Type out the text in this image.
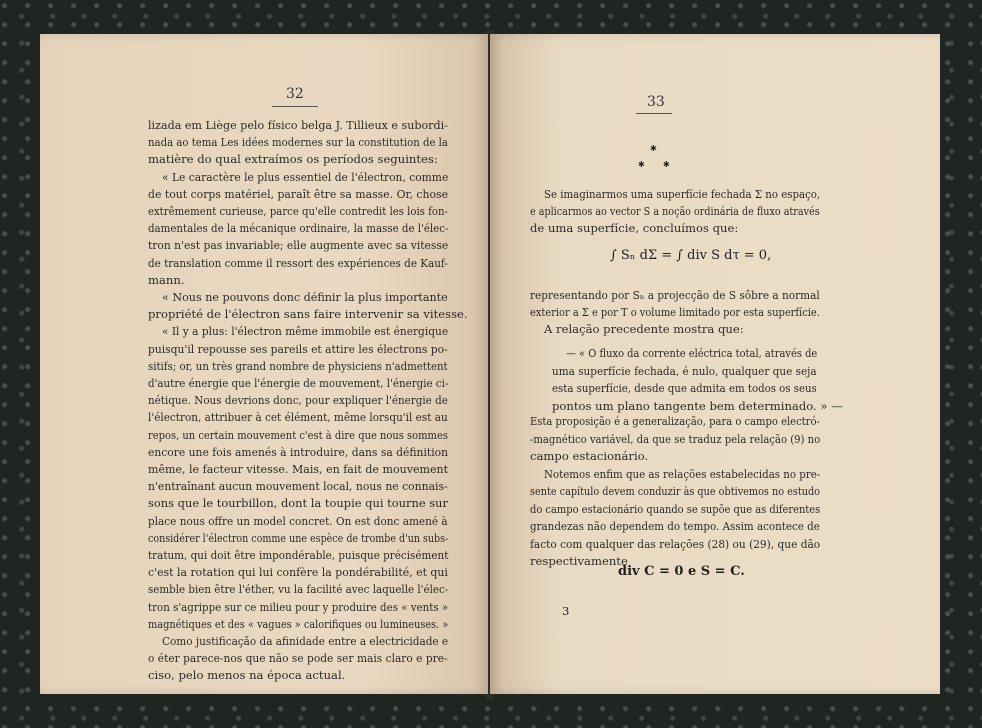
32
lizada em Liège pelo físico belga J. Tillieux e subordi-
nada ao tema Les idées modernes sur la constitution de la
matière do qual extraímos os períodos seguintes:
« Le caractère le plus essentiel de l'électron, comme
de tout corps matériel, paraît être sa masse. Or, chose
extrêmement curieuse, parce qu'elle contredit les lois fon-
damentales de la mécanique ordinaire, la masse de l'élec-
tron n'est pas invariable; elle augmente avec sa vitesse
de translation comme il ressort des expériences de Kauf-
mann.
« Nous ne pouvons donc définir la plus importante
propriété de l'électron sans faire intervenir sa vitesse.
« Il y a plus: l'électron même immobile est énergique
puisqu'il repousse ses pareils et attire les électrons po-
sitifs; or, un très grand nombre de physiciens n'admettent
d'autre énergie que l'énergie de mouvement, l'énergie ci-
nétique. Nous devrions donc, pour expliquer l'énergie de
l'électron, attribuer à cet élément, même lorsqu'il est au
repos, un certain mouvement c'est à dire que nous sommes
encore une fois amenés à introduire, dans sa définition
même, le facteur vitesse. Mais, en fait de mouvement
n'entraînant aucun mouvement local, nous ne connais-
sons que le tourbillon, dont la toupie qui tourne sur
place nous offre un model concret. On est donc amené à
considérer l'électron comme une espèce de trombe d'un subs-
tratum, qui doit être impondérable, puisque précisément
c'est la rotation qui lui confère la pondérabilité, et qui
semble bien être l'éther, vu la facilité avec laquelle l'élec-
tron s'agrippe sur ce milieu pour y produire des « vents »
magnétiques et des « vagues » calorifiques ou lumineuses. »
Como justificação da afinidade entre a electricidade e
o éter parece-nos que não se pode ser mais claro e pre-
ciso, pelo menos na época actual.
33
✱
✱ ✱
Se imaginarmos uma superfície fechada Σ no espaço,
e aplicarmos ao vector S a noção ordinária de fluxo através
de uma superfície, concluímos que:
∫ Sₙ dΣ = ∫ div S dτ = 0,
representando por Sₙ a projecção de S sôbre a normal
exterior a Σ e por T o volume limitado por esta superfície.
A relação precedente mostra que:
— « O fluxo da corrente eléctrica total, através de
uma superfície fechada, é nulo, qualquer que seja
esta superfície, desde que admita em todos os seus
pontos um plano tangente bem determinado. » —
Esta proposição é a generalização, para o campo electró-
-magnético variável, da que se traduz pela relação (9) no
campo estacionário.
Notemos enfim que as relações estabelecidas no pre-
sente capítulo devem conduzir às que obtivemos no estudo
do campo estacionário quando se supõe que as diferentes
grandezas não dependem do tempo. Assim acontece de
facto com qualquer das relações (28) ou (29), que dão
respectivamente
div C = 0 e S = C.
3
